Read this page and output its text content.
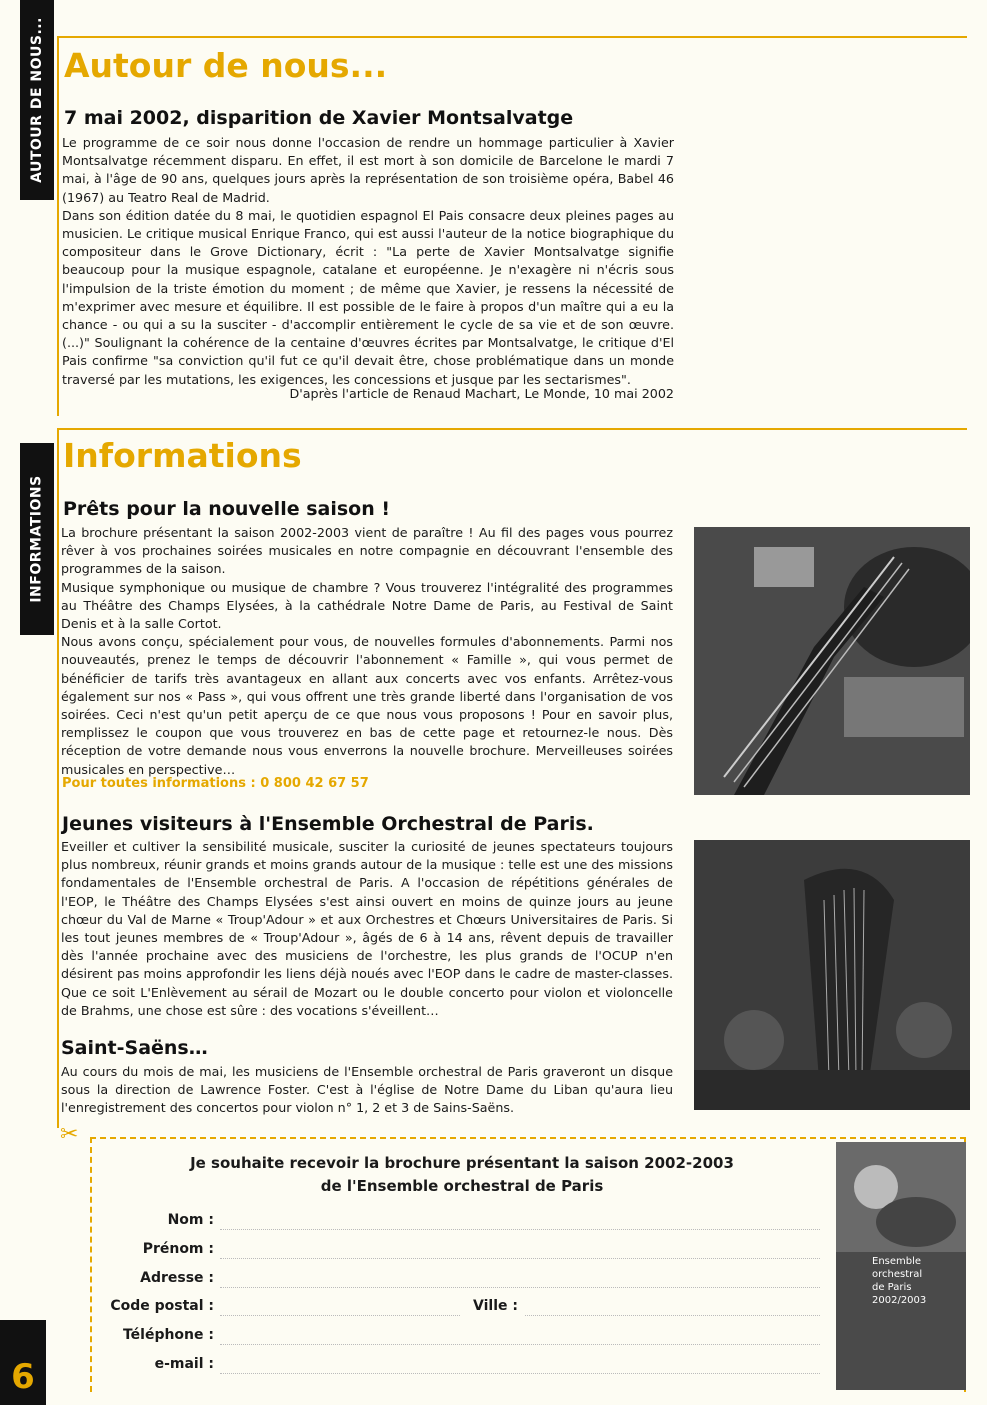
AUTOUR DE NOUS...
INFORMATIONS
6
Autour de nous...
7 mai 2002, disparition de Xavier Montsalvatge

Le programme de ce soir nous donne l'occasion de rendre un hommage particulier à Xavier Montsalvatge récemment disparu. En effet, il est mort à son domicile de Barcelone le mardi 7 mai, à l'âge de 90 ans, quelques jours après la représentation de son troisième opéra, Babel 46 (1967) au Teatro Real de Madrid.

Dans son édition datée du 8 mai, le quotidien espagnol El Pais consacre deux pleines pages au musicien. Le critique musical Enrique Franco, qui est aussi l'auteur de la notice biographique du compositeur dans le Grove Dictionary, écrit : "La perte de Xavier Montsalvatge signifie beaucoup pour la musique espagnole, catalane et européenne. Je n'exagère ni n'écris sous l'impulsion de la triste émotion du moment ; de même que Xavier, je ressens la nécessité de m'exprimer avec mesure et équilibre. Il est possible de le faire à propos d'un maître qui a eu la chance - ou qui a su la susciter - d'accomplir entièrement le cycle de sa vie et de son œuvre. (...)" Soulignant la cohérence de la centaine d'œuvres écrites par Montsalvatge, le critique d'El Pais confirme "sa conviction qu'il fut ce qu'il devait être, chose problématique dans un monde traversé par les mutations, les exigences, les concessions et jusque par les sectarismes".

D'après l'article de Renaud Machart, Le Monde, 10 mai 2002
Informations
Prêts pour la nouvelle saison !

La brochure présentant la saison 2002-2003 vient de paraître ! Au fil des pages vous pourrez rêver à vos prochaines soirées musicales en notre compagnie en découvrant l'ensemble des programmes de la saison.

Musique symphonique ou musique de chambre ? Vous trouverez l'intégralité des programmes au Théâtre des Champs Elysées, à la cathédrale Notre Dame de Paris, au Festival de Saint Denis et à la salle Cortot.

Nous avons conçu, spécialement pour vous, de nouvelles formules d'abonnements. Parmi nos nouveautés, prenez le temps de découvrir l'abonnement « Famille », qui vous permet de bénéficier de tarifs très avantageux en allant aux concerts avec vos enfants. Arrêtez-vous également sur nos « Pass », qui vous offrent une très grande liberté dans l'organisation de vos soirées. Ceci n'est qu'un petit aperçu de ce que nous vous proposons ! Pour en savoir plus, remplissez le coupon que vous trouverez en bas de cette page et retournez-le nous. Dès réception de votre demande nous vous enverrons la nouvelle brochure. Merveilleuses soirées musicales en perspective…

Pour toutes informations : 0 800 42 67 57
Jeunes visiteurs à l'Ensemble Orchestral de Paris.

Eveiller et cultiver la sensibilité musicale, susciter la curiosité de jeunes spectateurs toujours plus nombreux, réunir grands et moins grands autour de la musique : telle est une des missions fondamentales de l'Ensemble orchestral de Paris. A l'occasion de répétitions générales de l'EOP, le Théâtre des Champs Elysées s'est ainsi ouvert en moins de quinze jours au jeune chœur du Val de Marne « Troup'Adour » et aux Orchestres et Chœurs Universitaires de Paris. Si les tout jeunes membres de « Troup'Adour », âgés de 6 à 14 ans, rêvent depuis de travailler dès l'année prochaine avec des musiciens de l'orchestre, les plus grands de l'OCUP n'en désirent pas moins approfondir les liens déjà noués avec l'EOP dans le cadre de master-classes. Que ce soit L'Enlèvement au sérail de Mozart ou le double concerto pour violon et violoncelle de Brahms, une chose est sûre : des vocations s'éveillent…

Saint-Saëns…

Au cours du mois de mai, les musiciens de l'Ensemble orchestral de Paris graveront un disque sous la direction de Lawrence Foster. C'est à l'église de Notre Dame du Liban qu'aura lieu l'enregistrement des concertos pour violon n° 1, 2 et 3 de Sains-Saëns.

✂
Je souhaite recevoir la brochure présentant la saison 2002-2003
de l'Ensemble orchestral de Paris
Nom :
Prénom :
Adresse :
Code postal :	Ville :
Téléphone :
e-mail :
Ensemble
orchestral
de Paris
2002/2003
